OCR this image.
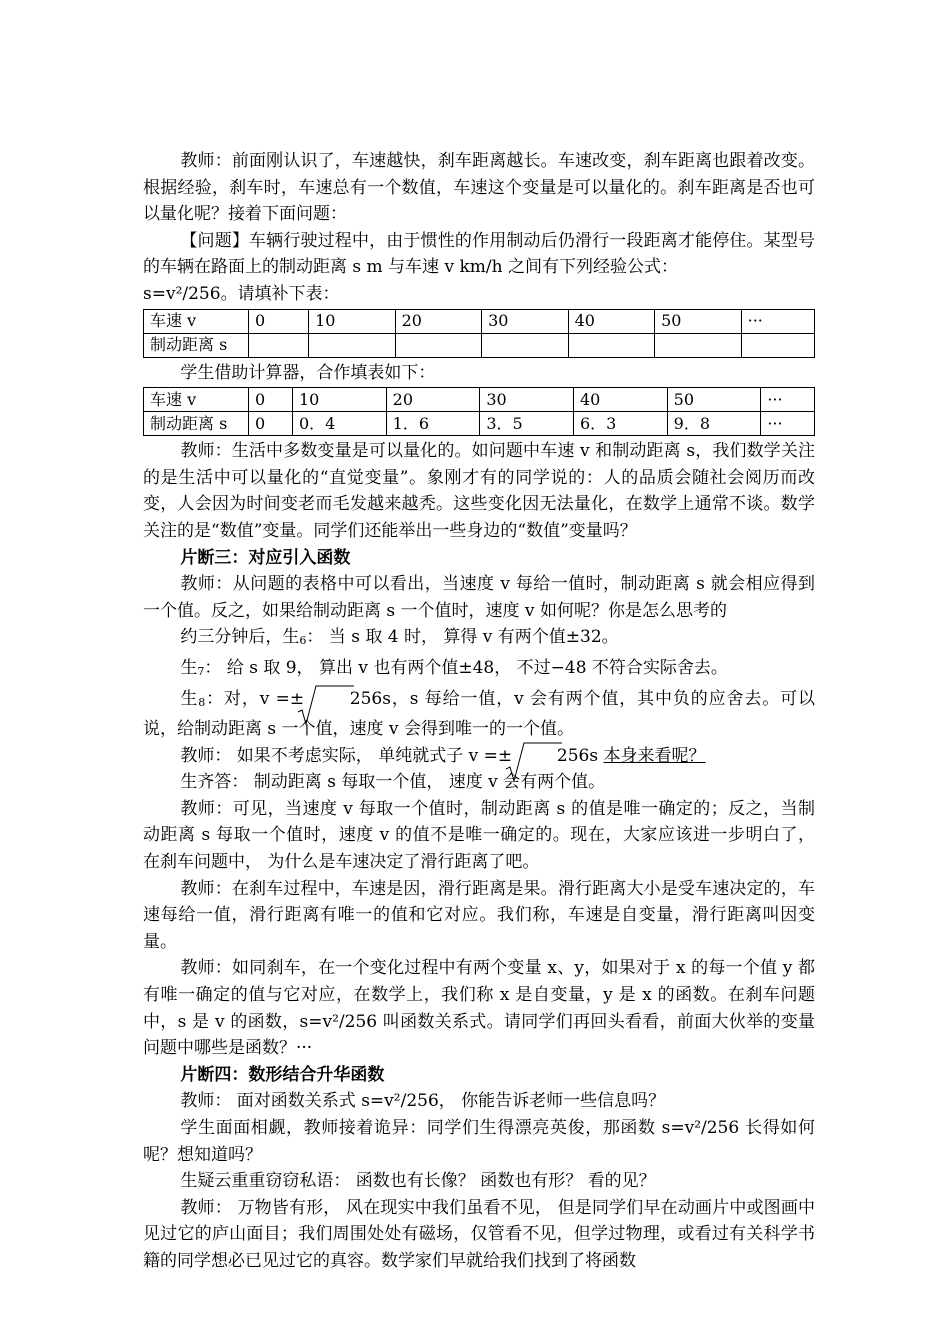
教师：前面刚认识了，车速越快，刹车距离越长。车速改变，刹车距离也跟着改变。根据经验，刹车时，车速总有一个数值，车速这个变量是可以量化的。刹车距离是否也可以量化呢？接着下面问题：

【问题】车辆行驶过程中，由于惯性的作用制动后仍滑行一段距离才能停住。某型号的车辆在路面上的制动距离 s m 与车速 v km/h 之间有下列经验公式：

s=v²/256。请填补下表：

车速 v	0	10	20	30	40	50	···
制动距离 s							

学生借助计算器，合作填表如下：

车速 v	0	10	20	30	40	50	···
制动距离 s	0	0．4	1．6	3．5	6．3	9．8	···

教师：生活中多数变量是可以量化的。如问题中车速 v 和制动距离 s，我们数学关注的是生活中可以量化的“直觉变量”。象刚才有的同学说的：人的品质会随社会阅历而改变，人会因为时间变老而毛发越来越秃。这些变化因无法量化，在数学上通常不谈。数学关注的是“数值”变量。同学们还能举出一些身边的“数值”变量吗？

片断三：对应引入函数

教师：从问题的表格中可以看出，当速度 v 每给一值时，制动距离 s 就会相应得到一个值。反之，如果给制动距离 s 一个值时，速度 v 如何呢？你是怎么思考的

约三分钟后，生$_6$： 当 s 取 4 时， 算得 v 有两个值±32。

生$_7$： 给 s 取 9， 算出 v 也有两个值±48， 不过−48 不符合实际舍去。

生$_8$：对，v =±	256s，s 每给一值，v 会有两个值，其中负的应舍去。可以说，给制动距离 s 一个值，速度 v 会得到唯一的一个值。

教师： 如果不考虑实际， 单纯就式子 v =±	256s 本身来看呢？

生齐答： 制动距离 s 每取一个值， 速度 v 会有两个值。

教师：可见，当速度 v 每取一个值时，制动距离 s 的值是唯一确定的；反之，当制动距离 s 每取一个值时，速度 v 的值不是唯一确定的。现在，大家应该进一步明白了， 在刹车问题中， 为什么是车速决定了滑行距离了吧。

教师：在刹车过程中，车速是因，滑行距离是果。滑行距离大小是受车速决定的，车速每给一值，滑行距离有唯一的值和它对应。我们称，车速是自变量，滑行距离叫因变量。

教师：如同刹车，在一个变化过程中有两个变量 x、y，如果对于 x 的每一个值 y 都有唯一确定的值与它对应，在数学上，我们称 x 是自变量，y 是 x 的函数。在刹车问题中，s 是 v 的函数，s=v²/256 叫函数关系式。请同学们再回头看看，前面大伙举的变量问题中哪些是函数？···

片断四：数形结合升华函数

教师： 面对函数关系式 s=v²/256， 你能告诉老师一些信息吗？

学生面面相觑，教师接着诡异：同学们生得漂亮英俊，那函数 s=v²/256 长得如何呢？想知道吗？

生疑云重重窃窃私语： 函数也有长像？ 函数也有形？ 看的见？

教师： 万物皆有形， 风在现实中我们虽看不见， 但是同学们早在动画片中或图画中见过它的庐山面目；我们周围处处有磁场，仅管看不见，但学过物理，或看过有关科学书籍的同学想必已见过它的真容。数学家们早就给我们找到了将函数
